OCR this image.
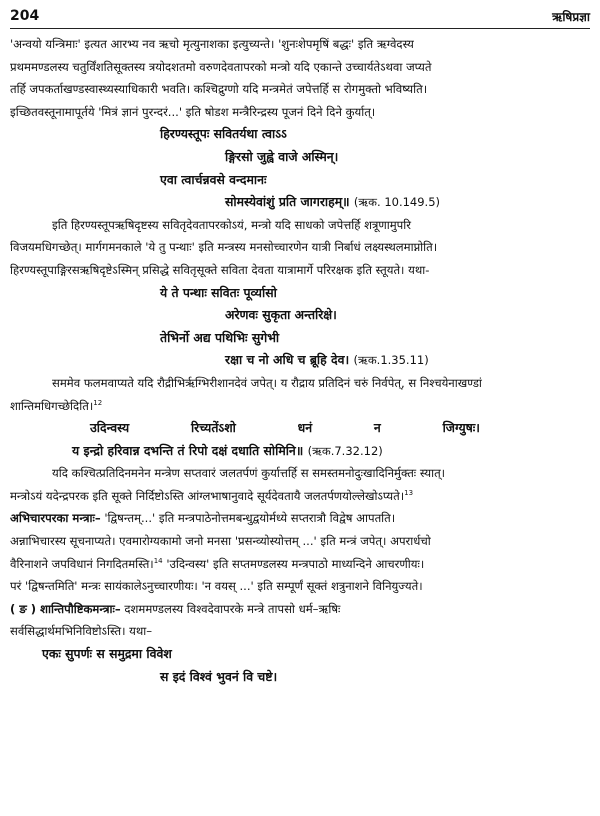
204	ऋषिप्रज्ञा
'अन्वयो यन्त्रिमाः' इत्यत आरभ्य नव ऋचो मृत्युनाशका इत्युच्यन्ते। 'शुनःशेपमृषिं बद्धः' इति ऋग्वेदस्य
प्रथममण्डलस्य चतुर्विंशतिसूक्तस्य त्रयोदशतमो वरुणदेवतापरको मन्त्रो यदि एकान्ते उच्चार्यतेऽथवा जप्यते
तर्हि जपकर्ताखण्डस्वास्थ्यस्याधिकारी भवति। कश्चिद्रुग्णो यदि मन्त्रमेतं जपेत्तर्हि स रोगमुक्तो भविष्यति।
इच्छितवस्तूनामापूर्तये 'मित्रं ज्ञानं पुरन्दरं...' इति षोडश मन्त्रैरिन्द्रस्य पूजनं दिने दिने कुर्यात्।
हिरण्यस्तूपः सवितर्यथा त्वाऽऽ
ङ्गिरसो जुह्वे वाजे अस्मिन्।
एवा त्वार्चन्नवसे वन्दमानः
सोमस्येवांशुं प्रति जागराहम्॥ (ऋक. 10.149.5)
इति हिरण्यस्तूपऋषिदृष्टस्य सवितृदेवतापरकोऽयं, मन्त्रो यदि साधको जपेत्तर्हि शत्रूणामुपरि
विजयमधिगच्छेत्। मार्गगमनकाले 'ये तु पन्थाः' इति मन्त्रस्य मनसोच्चारणेन यात्री निर्बाधं लक्ष्यस्थलमाप्नोति।
हिरण्यस्तूपाङ्गिरसऋषिदृष्टेऽस्मिन् प्रसिद्धे सवितृसूक्ते सविता देवता यात्रामार्गे परिरक्षक इति स्तूयते। यथा-
ये ते पन्थाः सवितः पूर्व्यासो
अरेणवः सुकृता अन्तरिक्षे।
तेभिर्नो अद्य पथिभिः सुगेभी
रक्षा च नो अधि च ब्रूहि देव। (ऋक.1.35.11)
सममेव फलमवाप्यते यदि रौद्रीभिर्ऋग्भिरीशानदेवं जपेत्। य रौद्राय प्रतिदिनं चरुं निर्वपेत्, स निश्चयेनाखण्डां
शान्तिमधिगच्छेदिति।$^{12}$
उदिन्वस्य	रिच्यतेंऽशो	धनं	न	जिग्युषः।
य इन्द्रो हरिवान्न दभन्ति तं रिपो दक्षं दधाति सोमिनि॥ (ऋक.7.32.12)
यदि कश्चित्प्रतिदिनमनेन मन्त्रेण सप्तवारं जलतर्पणं कुर्यात्तर्हि स समस्तमनोदुःखादिनिर्मुक्तः स्यात्।
मन्त्रोऽयं यदेन्द्रपरक इति सूक्ते निर्दिष्टोऽस्ति आंग्लभाषानुवादे सूर्यदेवतायै जलतर्पणयोल्लेखोऽप्यते।$^{13}$
अभिचारपरका मन्त्राः– 'द्विषन्तम्...' इति मन्त्रपाठेनोत्तमबन्धुद्वयोर्मध्ये सप्तरात्रौ विद्वेष आपतति।
अन्नाभिचारस्य सूचनाप्यते। एवमारोग्यकामो जनो मनसा 'प्रसन्व्योस्योत्तम् ...' इति मन्त्रं जपेत्। अपरार्धचो
वैरिनाशने जपविधानं निगदितमस्ति।$^{14}$ 'उदिन्वस्य' इति सप्तमण्डलस्य मन्त्रपाठो माध्यन्दिने आचरणीयः।
परं 'द्विषन्तमिति' मन्त्रः सायंकालेऽनुच्चारणीयः। 'न वयस् ...' इति सम्पूर्णं सूक्तं शत्रुनाशने विनियुज्यते।
( ङ ) शान्तिपौष्टिकमन्त्राः– दशममण्डलस्य विश्वदेवापरके मन्त्रे तापसो धर्म–ऋषिः
सर्वसिद्धार्थमभिनिविष्टोऽस्ति। यथा–
एकः सुपर्णः स समुद्रमा विवेश
स इदं विश्वं भुवनं वि चष्टे।
